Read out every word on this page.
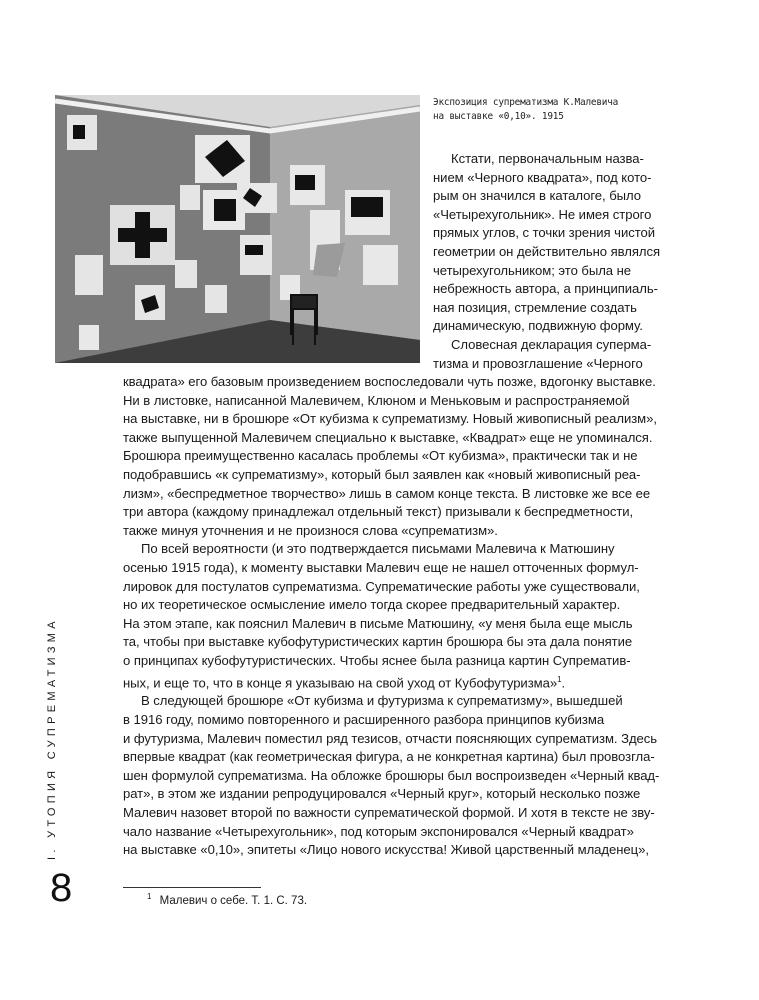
Экспозиция супрематизма К.Малевича
на выставке «0,10». 1915
Кстати, первоначальным назва-
нием «Черного квадрата», под кото-
рым он значился в каталоге, было
«Четырехугольник». Не имея строго
прямых углов, с точки зрения чистой
геометрии он действительно являлся
четырехугольником; это была не
небрежность автора, а принципиаль-
ная позиция, стремление создать
динамическую, подвижную форму.
Словесная декларация суперма-
тизма и провозглашение «Черного
квадрата» его базовым произведением воспоследовали чуть позже, вдогонку выставке.
Ни в листовке, написанной Малевичем, Клюном и Меньковым и распространяемой
на выставке, ни в брошюре «От кубизма к супрематизму. Новый живописный реализм»,
также выпущенной Малевичем специально к выставке, «Квадрат» еще не упоминался.
Брошюра преимущественно касалась проблемы «От кубизма», практически так и не
подобравшись «к супрематизму», который был заявлен как «новый живописный реа-
лизм», «беспредметное творчество» лишь в самом конце текста. В листовке же все ее
три автора (каждому принадлежал отдельный текст) призывали к беспредметности,
также минуя уточнения и не произнося слова «супрематизм».
По всей вероятности (и это подтверждается письмами Малевича к Матюшину
осенью 1915 года), к моменту выставки Малевич еще не нашел отточенных формул-
лировок для постулатов супрематизма. Супрематические работы уже существовали,
но их теоретическое осмысление имело тогда скорее предварительный характер.
На этом этапе, как пояснил Малевич в письме Матюшину, «у меня была еще мысль
та, чтобы при выставке кубофутуристических картин брошюра бы эта дала понятие
о принципах кубофутуристических. Чтобы яснее была разница картин Супрематив-
ных, и еще то, что в конце я указываю на свой уход от Кубофутуризма»$^1$.
В следующей брошюре «От кубизма и футуризма к супрематизму», вышедшей
в 1916 году, помимо повторенного и расширенного разбора принципов кубизма
и футуризма, Малевич поместил ряд тезисов, отчасти поясняющих супрематизм. Здесь
впервые квадрат (как геометрическая фигура, а не конкретная картина) был провозгла-
шен формулой супрематизма. На обложке брошюры был воспроизведен «Черный квад-
рат», в этом же издании репродуцировался «Черный круг», который несколько позже
Малевич назовет второй по важности супрематической формой. И хотя в тексте не зву-
чало название «Четырехугольник», под которым экспонировался «Черный квадрат»
на выставке «0,10», эпитеты «Лицо нового искусства! Живой царственный младенец»,
I. УТОПИЯ СУПРЕМАТИЗМА
8	$^1$ Малевич о себе. Т. 1. С. 73.
